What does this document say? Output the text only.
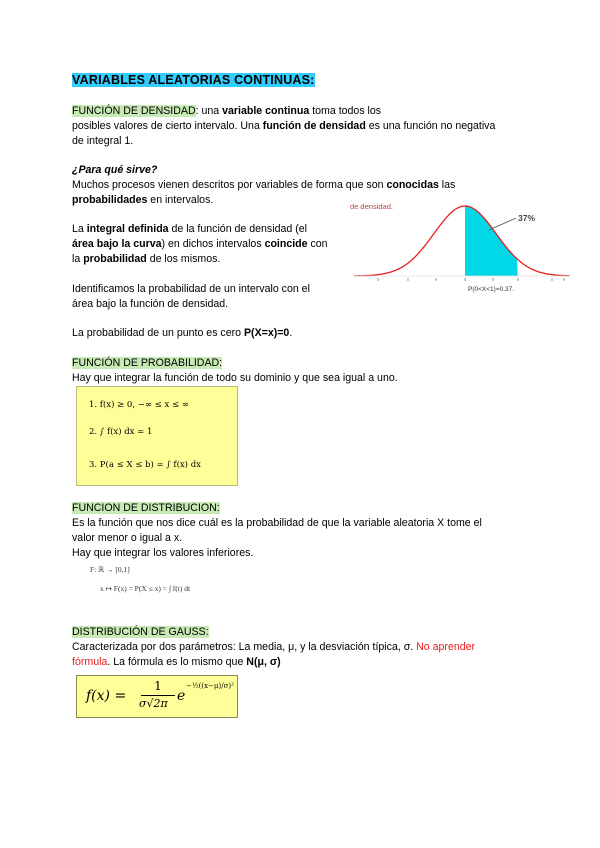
VARIABLES ALEATORIAS CONTINUAS:
FUNCIÓN DE DENSIDAD: una variable continua toma todos los
posibles valores de cierto intervalo. Una función de densidad es una función no negativa
de integral 1.
¿Para qué sirve?
Muchos procesos vienen descritos por variables de forma que son conocidas las
probabilidades en intervalos.
La integral definida de la función de densidad (el
área bajo la curva) en dichos intervalos coincide con
la probabilidad de los mismos.
Identificamos la probabilidad de un intervalo con el
área bajo la función de densidad.
La probabilidad de un punto es cero P(X=x)=0.
de densidad.
37%
P(0<X<1)=0.37.
FUNCIÓN DE PROBABILIDAD:
Hay que integrar la función de todo su dominio y que sea igual a uno.
1. f(x) ≥ 0, −∞ ≤ x ≤ ∞
2. ∫ f(x) dx = 1
3. P(a ≤ X ≤ b) = ∫ f(x) dx
FUNCION DE DISTRIBUCION:
Es la función que nos dice cuál es la probabilidad de que la variable aleatoria X tome el
valor menor o igual a x.
Hay que integrar los valores inferiores.
F: ℝ → [0,1]
x ↦ F(x) = P(X ≤ x) = ∫ f(t) dt
DISTRIBUCIÓN DE GAUSS:
Caracterizada por dos parámetros: La media, μ, y la desviación típica, σ. No aprender
fórmula. La fórmula es lo mismo que N(μ, σ)
f(x) =
1
σ√2π e
−½((x−μ)/σ)²
